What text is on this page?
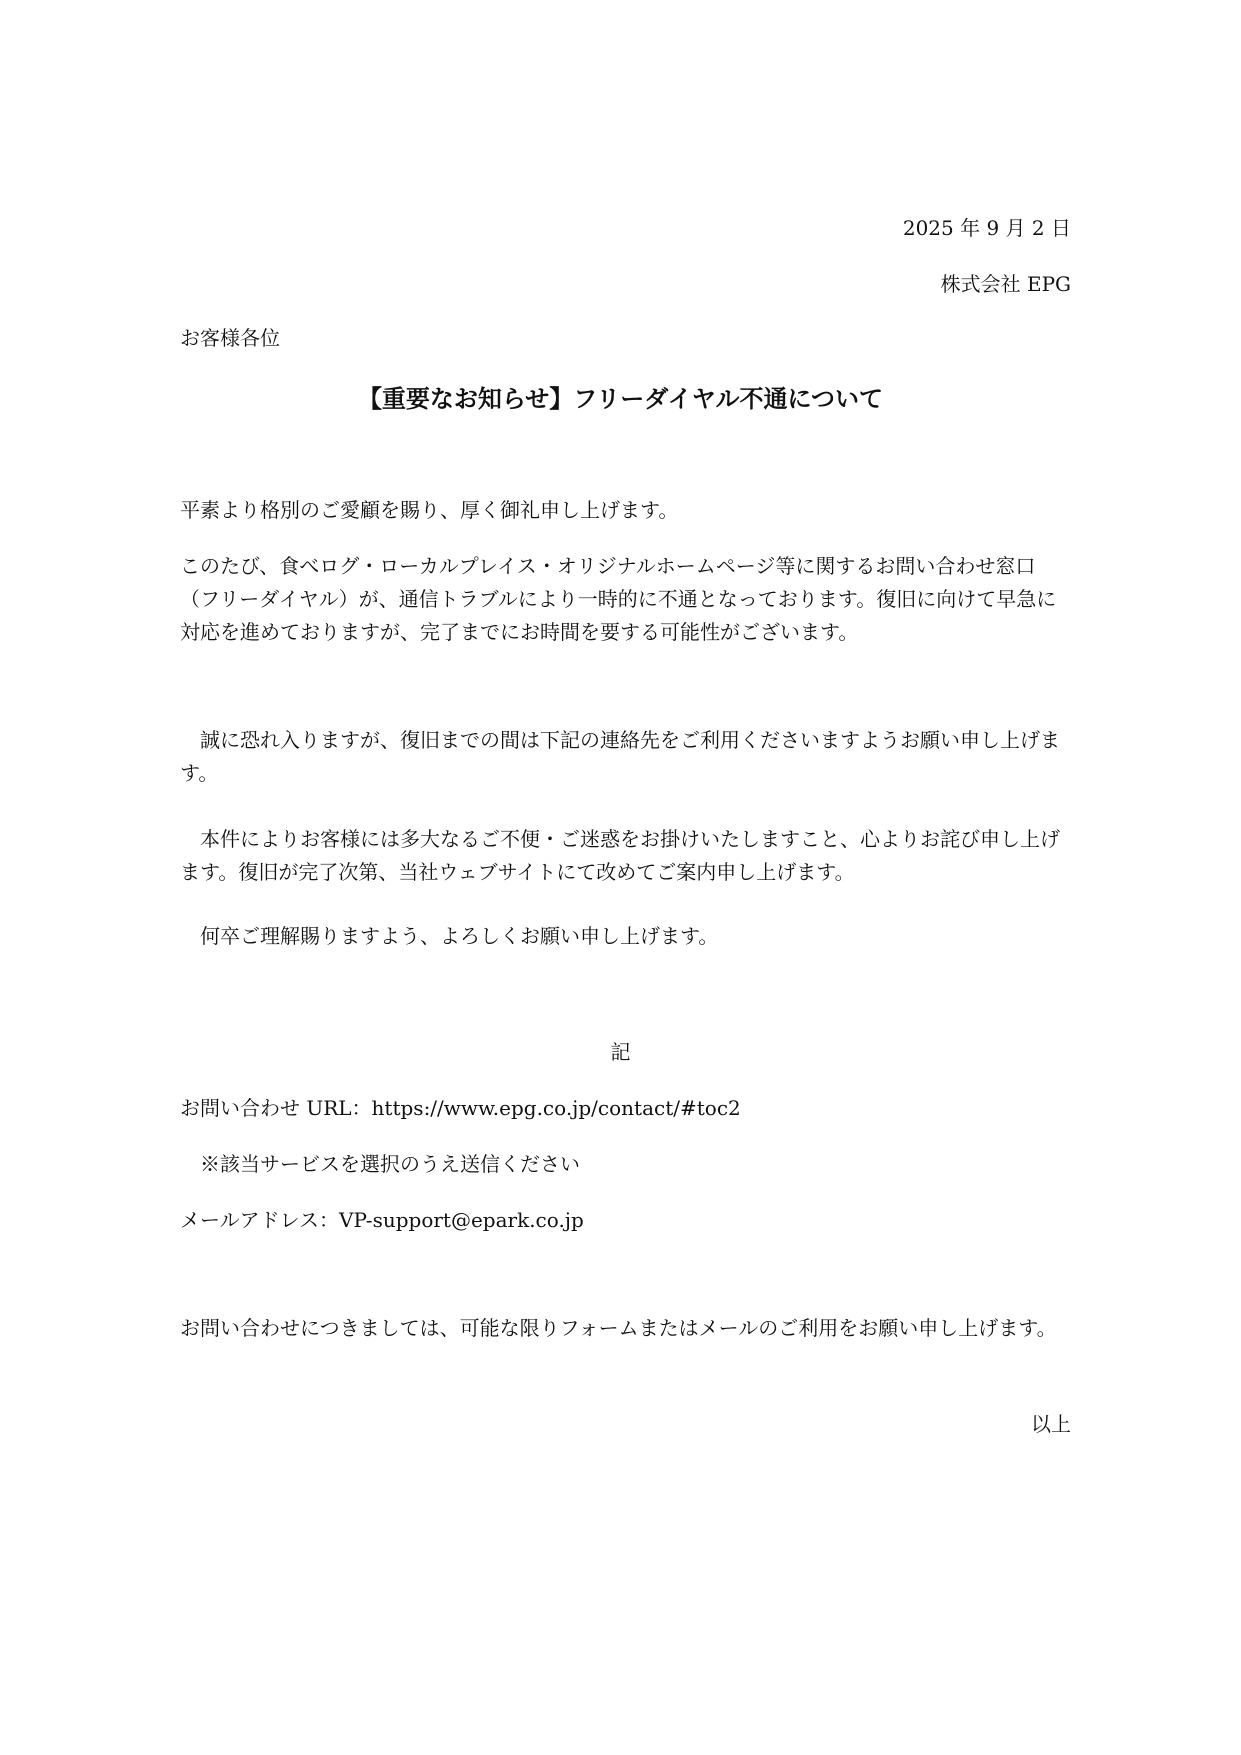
2025 年 9 月 2 日
株式会社 EPG
お客様各位
【重要なお知らせ】フリーダイヤル不通について

平素より格別のご愛顧を賜り、厚く御礼申し上げます。

このたび、食べログ・ローカルプレイス・オリジナルホームページ等に関するお問い合わせ窓口（フリーダイヤル）が、通信トラブルにより一時的に不通となっております。復旧に向けて早急に対応を進めておりますが、完了までにお時間を要する可能性がございます。

誠に恐れ入りますが、復旧までの間は下記の連絡先をご利用くださいますようお願い申し上げます。

本件によりお客様には多大なるご不便・ご迷惑をお掛けいたしますこと、心よりお詫び申し上げます。復旧が完了次第、当社ウェブサイトにて改めてご案内申し上げます。

何卒ご理解賜りますよう、よろしくお願い申し上げます。

記
お問い合わせ URL：https://www.epg.co.jp/contact/#toc2
※該当サービスを選択のうえ送信ください
メールアドレス：VP-support@epark.co.jp

お問い合わせにつきましては、可能な限りフォームまたはメールのご利用をお願い申し上げます。

以上
